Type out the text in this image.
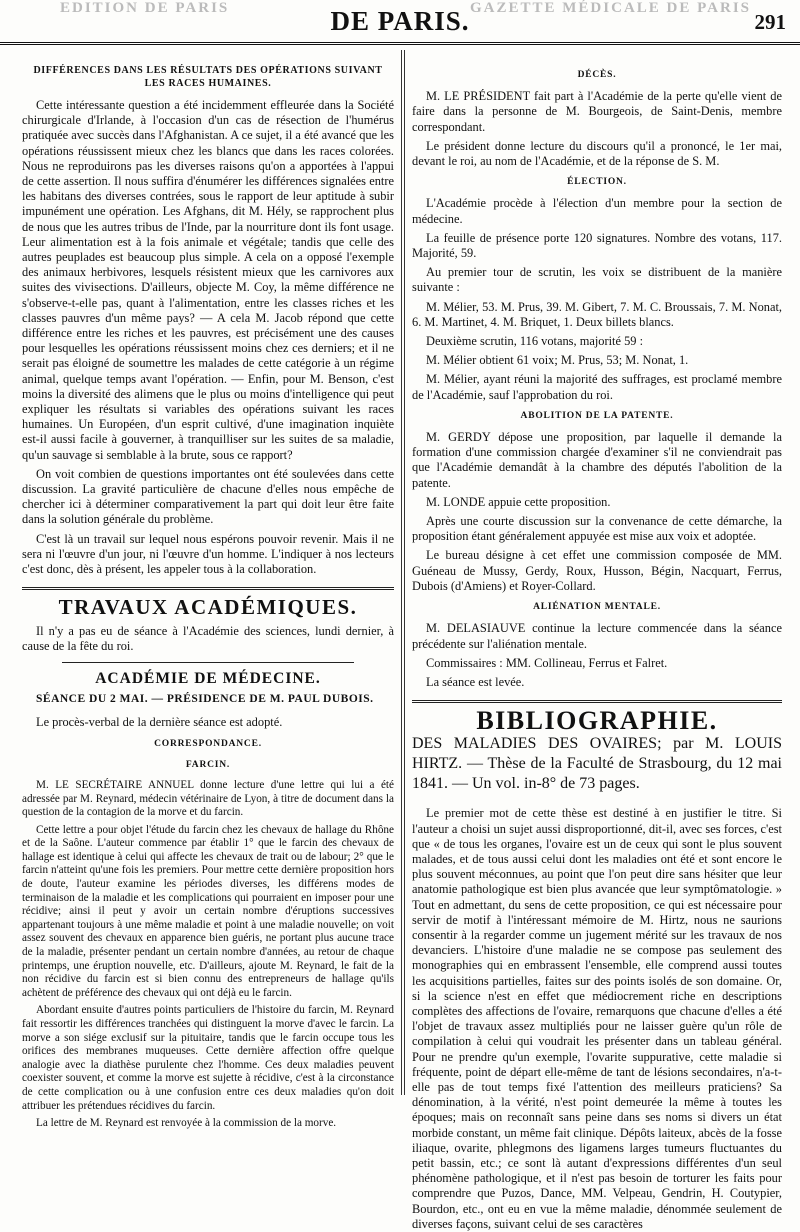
EDITION DE PARIS	GAZETTE MÉDICALE DE PARIS
DE PARIS.	291
DIFFÉRENCES DANS LES RÉSULTATS DES OPÉRATIONS SUIVANT LES RACES HUMAINES.

Cette intéressante question a été incidemment effleurée dans la Société chirurgicale d'Irlande, à l'occasion d'un cas de résection de l'humérus pratiquée avec succès dans l'Afghanistan. A ce sujet, il a été avancé que les opérations réussissent mieux chez les blancs que dans les races colorées. Nous ne reproduirons pas les diverses raisons qu'on a apportées à l'appui de cette assertion. Il nous suffira d'énumérer les différences signalées entre les habitans des diverses contrées, sous le rapport de leur aptitude à subir impunément une opération. Les Afghans, dit M. Hély, se rapprochent plus de nous que les autres tribus de l'Inde, par la nourriture dont ils font usage. Leur alimentation est à la fois animale et végétale; tandis que celle des autres peuplades est beaucoup plus simple. A cela on a opposé l'exemple des animaux herbivores, lesquels résistent mieux que les carnivores aux suites des vivisections. D'ailleurs, objecte M. Coy, la même différence ne s'observe-t-elle pas, quant à l'alimentation, entre les classes riches et les classes pauvres d'un même pays? — A cela M. Jacob répond que cette différence entre les riches et les pauvres, est précisément une des causes pour lesquelles les opérations réussissent moins chez ces derniers; et il ne serait pas éloigné de soumettre les malades de cette catégorie à un régime animal, quelque temps avant l'opération. — Enfin, pour M. Benson, c'est moins la diversité des alimens que le plus ou moins d'intelligence qui peut expliquer les résultats si variables des opérations suivant les races humaines. Un Européen, d'un esprit cultivé, d'une imagination inquiète est-il aussi facile à gouverner, à tranquilliser sur les suites de sa maladie, qu'un sauvage si semblable à la brute, sous ce rapport?

On voit combien de questions importantes ont été soulevées dans cette discussion. La gravité particulière de chacune d'elles nous empêche de chercher ici à déterminer comparativement la part qui doit leur être faite dans la solution générale du problème.

C'est là un travail sur lequel nous espérons pouvoir revenir. Mais il ne sera ni l'œuvre d'un jour, ni l'œuvre d'un homme. L'indiquer à nos lecteurs c'est donc, dès à présent, les appeler tous à la collaboration.

TRAVAUX ACADÉMIQUES.

Il n'y a pas eu de séance à l'Académie des sciences, lundi dernier, à cause de la fête du roi.

ACADÉMIE DE MÉDECINE.
SÉANCE DU 2 MAI. — PRÉSIDENCE DE M. PAUL DUBOIS.

Le procès-verbal de la dernière séance est adopté.

CORRESPONDANCE.
FARCIN.

M. LE SECRÉTAIRE ANNUEL donne lecture d'une lettre qui lui a été adressée par M. Reynard, médecin vétérinaire de Lyon, à titre de document dans la question de la contagion de la morve et du farcin.

Cette lettre a pour objet l'étude du farcin chez les chevaux de hallage du Rhône et de la Saône. L'auteur commence par établir 1° que le farcin des chevaux de hallage est identique à celui qui affecte les chevaux de trait ou de labour; 2° que le farcin n'atteint qu'une fois les premiers. Pour mettre cette dernière proposition hors de doute, l'auteur examine les périodes diverses, les différens modes de terminaison de la maladie et les complications qui pourraient en imposer pour une récidive; ainsi il peut y avoir un certain nombre d'éruptions successives appartenant toujours à une même maladie et point à une maladie nouvelle; on voit assez souvent des chevaux en apparence bien guéris, ne portant plus aucune trace de la maladie, présenter pendant un certain nombre d'années, au retour de chaque printemps, une éruption nouvelle, etc. D'ailleurs, ajoute M. Reynard, le fait de la non récidive du farcin est si bien connu des entrepreneurs de hallage qu'ils achètent de préférence des chevaux qui ont déjà eu le farcin.

Abordant ensuite d'autres points particuliers de l'histoire du farcin, M. Reynard fait ressortir les différences tranchées qui distinguent la morve d'avec le farcin. La morve a son siége exclusif sur la pituitaire, tandis que le farcin occupe tous les orifices des membranes muqueuses. Cette dernière affection offre quelque analogie avec la diathèse purulente chez l'homme. Ces deux maladies peuvent coexister souvent, et comme la morve est sujette à récidive, c'est à la circonstance de cette complication ou à une confusion entre ces deux maladies qu'on doit attribuer les prétendues récidives du farcin.

La lettre de M. Reynard est renvoyée à la commission de la morve.

DÉCÈS.

M. LE PRÉSIDENT fait part à l'Académie de la perte qu'elle vient de faire dans la personne de M. Bourgeois, de Saint-Denis, membre correspondant.

Le président donne lecture du discours qu'il a prononcé, le 1er mai, devant le roi, au nom de l'Académie, et de la réponse de S. M.

ÉLECTION.

L'Académie procède à l'élection d'un membre pour la section de médecine.

La feuille de présence porte 120 signatures. Nombre des votans, 117. Majorité, 59.

Au premier tour de scrutin, les voix se distribuent de la manière suivante :

M. Mélier, 53. M. Prus, 39. M. Gibert, 7. M. C. Broussais, 7. M. Nonat, 6. M. Martinet, 4. M. Briquet, 1. Deux billets blancs.

Deuxième scrutin, 116 votans, majorité 59 :

M. Mélier obtient 61 voix; M. Prus, 53; M. Nonat, 1.

M. Mélier, ayant réuni la majorité des suffrages, est proclamé membre de l'Académie, sauf l'approbation du roi.

ABOLITION DE LA PATENTE.

M. GERDY dépose une proposition, par laquelle il demande la formation d'une commission chargée d'examiner s'il ne conviendrait pas que l'Académie demandât à la chambre des députés l'abolition de la patente.

M. LONDE appuie cette proposition.

Après une courte discussion sur la convenance de cette démarche, la proposition étant généralement appuyée est mise aux voix et adoptée.

Le bureau désigne à cet effet une commission composée de MM. Guéneau de Mussy, Gerdy, Roux, Husson, Bégin, Nacquart, Ferrus, Dubois (d'Amiens) et Royer-Collard.

ALIÉNATION MENTALE.

M. DELASIAUVE continue la lecture commencée dans la séance précédente sur l'aliénation mentale.

Commissaires : MM. Collineau, Ferrus et Falret.

La séance est levée.

BIBLIOGRAPHIE.
DES MALADIES DES OVAIRES; par M. LOUIS HIRTZ. — Thèse de la Faculté de Strasbourg, du 12 mai 1841. — Un vol. in-8° de 73 pages.

Le premier mot de cette thèse est destiné à en justifier le titre. Si l'auteur a choisi un sujet aussi disproportionné, dit-il, avec ses forces, c'est que « de tous les organes, l'ovaire est un de ceux qui sont le plus souvent malades, et de tous aussi celui dont les maladies ont été et sont encore le plus souvent méconnues, au point que l'on peut dire sans hésiter que leur anatomie pathologique est bien plus avancée que leur symptômatologie. » Tout en admettant, du sens de cette proposition, ce qui est nécessaire pour servir de motif à l'intéressant mémoire de M. Hirtz, nous ne saurions consentir à la regarder comme un jugement mérité sur les travaux de nos devanciers. L'histoire d'une maladie ne se compose pas seulement des monographies qui en embrassent l'ensemble, elle comprend aussi toutes les acquisitions partielles, faites sur des points isolés de son domaine. Or, si la science n'est en effet que médiocrement riche en descriptions complètes des affections de l'ovaire, remarquons que chacune d'elles a été l'objet de travaux assez multipliés pour ne laisser guère qu'un rôle de compilation à celui qui voudrait les présenter dans un tableau général. Pour ne prendre qu'un exemple, l'ovarite suppurative, cette maladie si fréquente, point de départ elle-même de tant de lésions secondaires, n'a-t-elle pas de tout temps fixé l'attention des meilleurs praticiens? Sa dénomination, à la vérité, n'est point demeurée la même à toutes les époques; mais on reconnaît sans peine dans ses noms si divers un état morbide constant, un même fait clinique. Dépôts laiteux, abcès de la fosse iliaque, ovarite, phlegmons des ligamens larges tumeurs fluctuantes du petit bassin, etc.; ce sont là autant d'expressions différentes d'un seul phénomène pathologique, et il n'est pas besoin de torturer les faits pour comprendre que Puzos, Dance, MM. Velpeau, Gendrin, H. Coutурier, Bourdon, etc., ont eu en vue la même maladie, dénommée seulement de diverses façons, suivant celui de ses caractères
